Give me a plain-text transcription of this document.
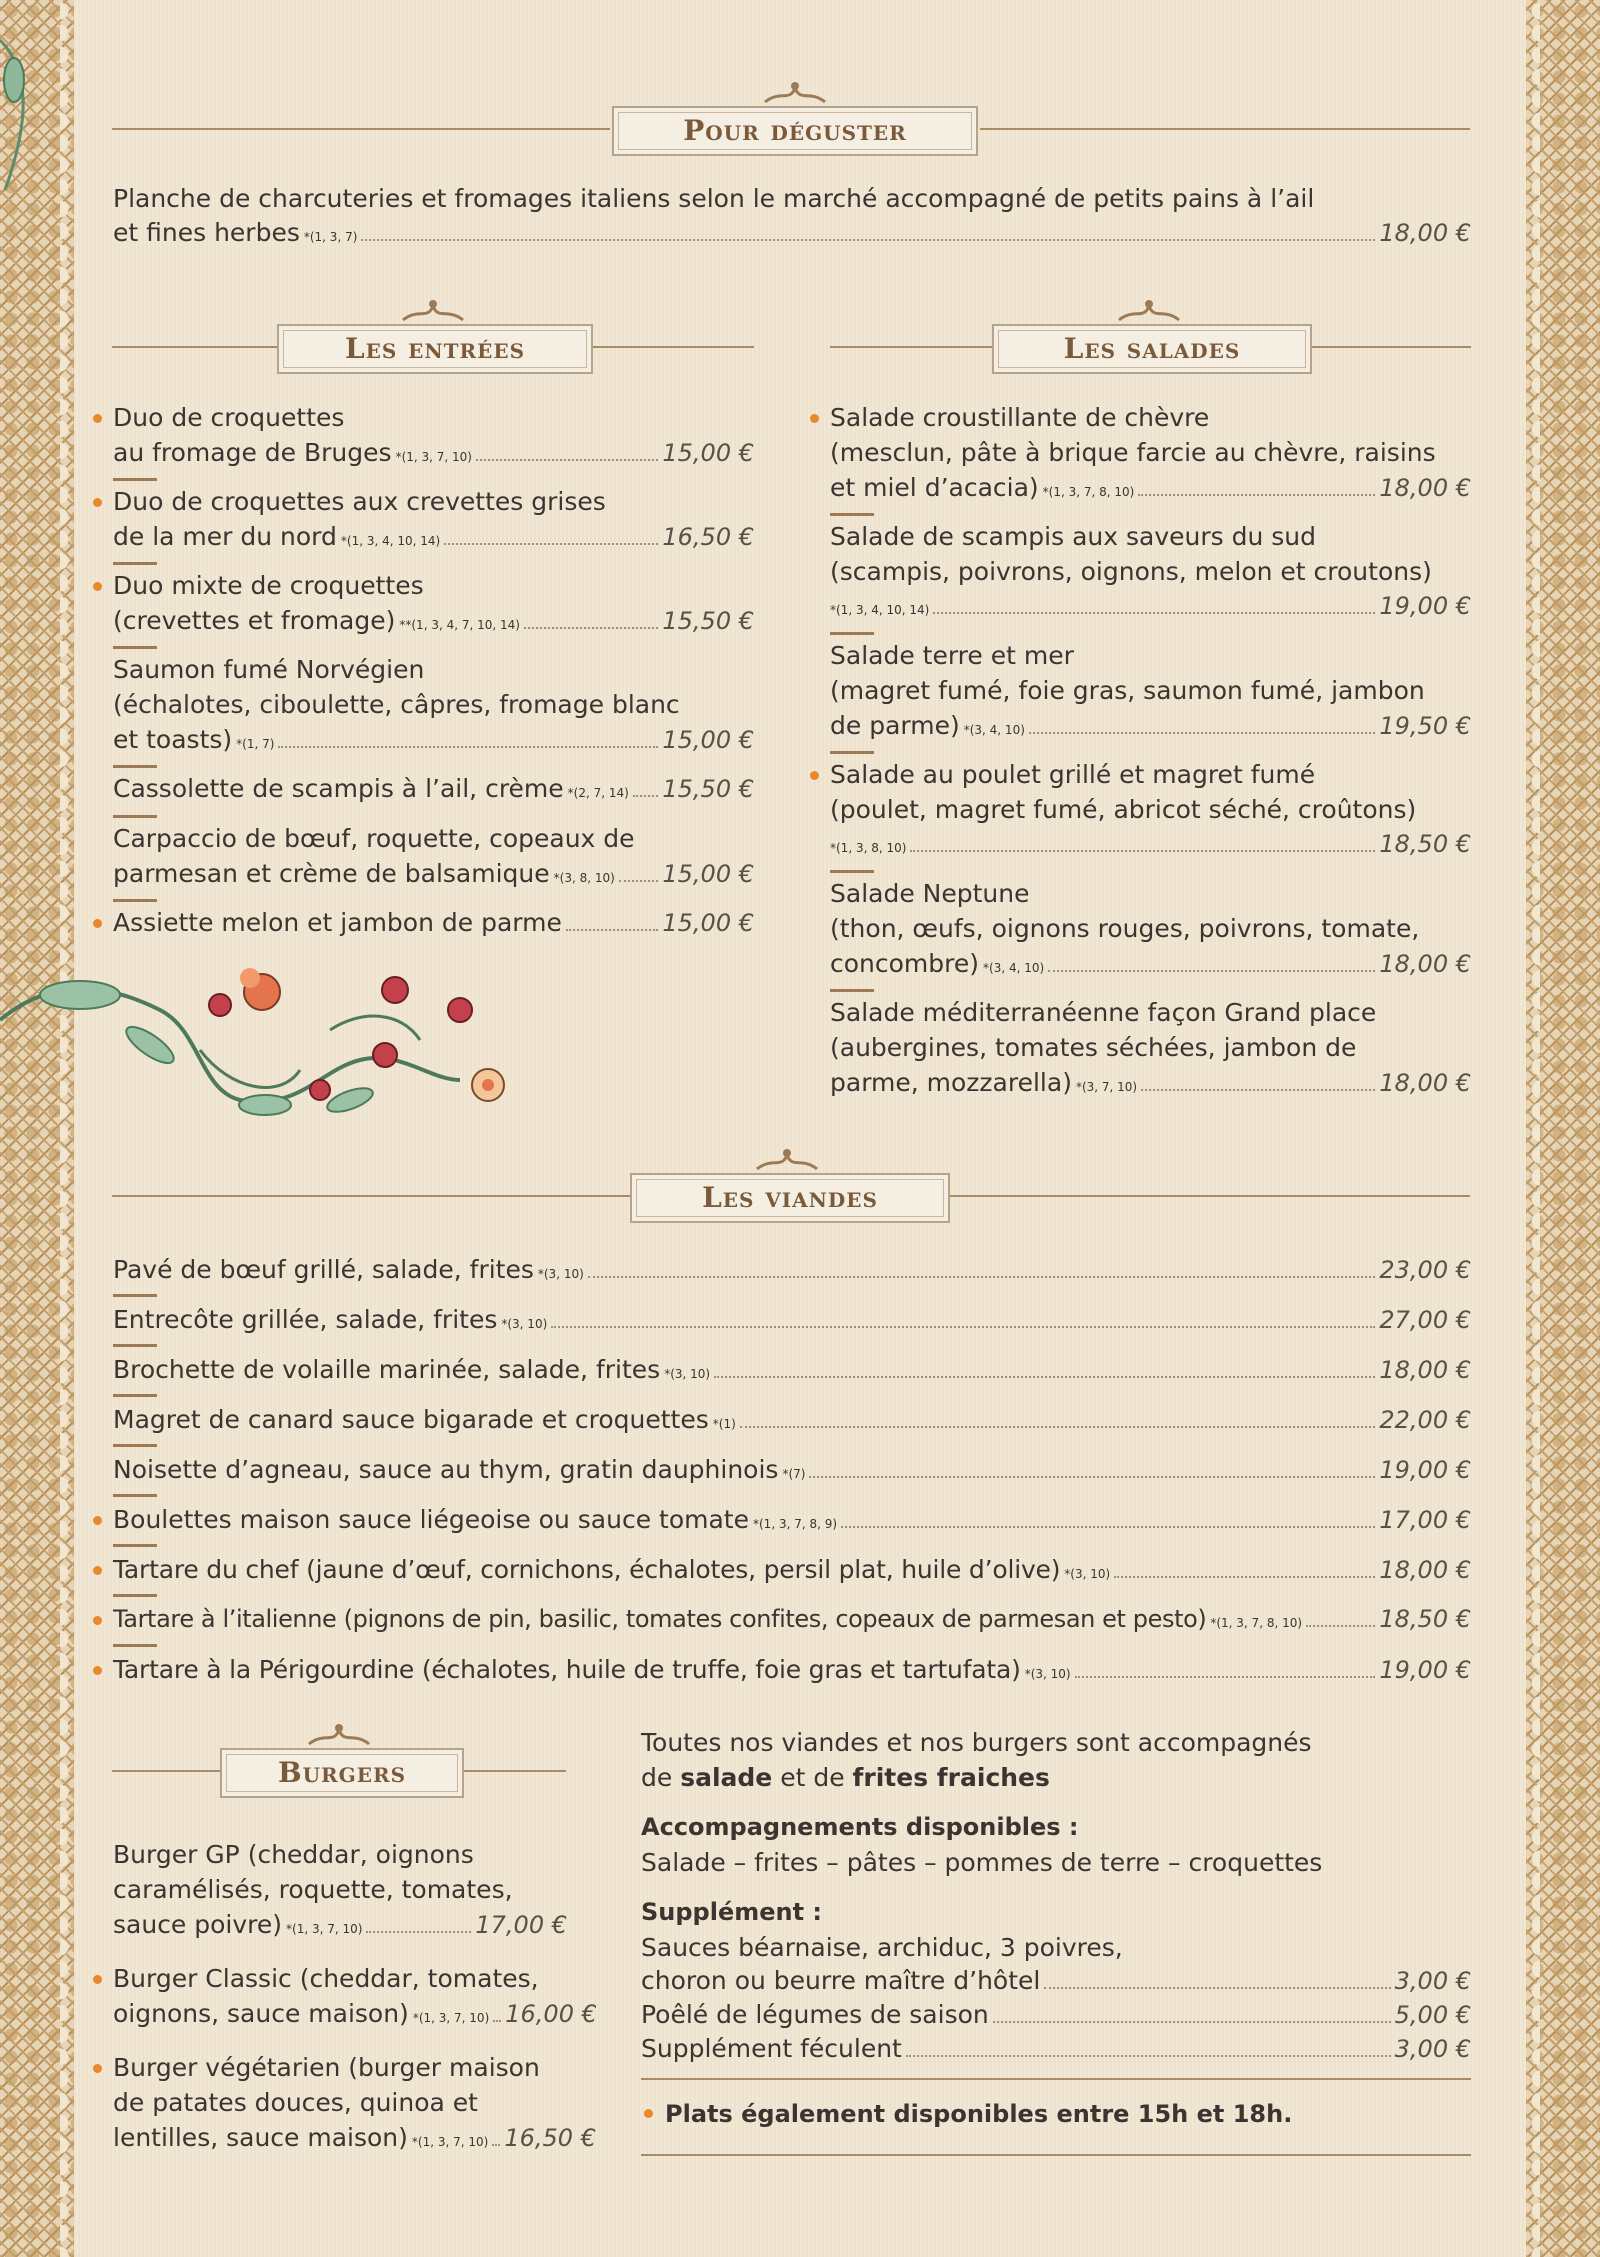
Pour déguster
Planche de charcuteries et fromages italiens selon le marché accompagné de petits pains à l’ail
et fines herbes *(1, 3, 7)	18,00 €
Les entrées	Les salades
Duo de croquettes
au fromage de Bruges *(1, 3, 7, 10)	15,00 €
Duo de croquettes aux crevettes grises
de la mer du nord *(1, 3, 4, 10, 14)	16,50 €
Duo mixte de croquettes
(crevettes et fromage) **(1, 3, 4, 7, 10, 14)	15,50 €
Saumon fumé Norvégien
(échalotes, ciboulette, câpres, fromage blanc
et toasts) *(1, 7)	15,00 €
Cassolette de scampis à l’ail, crème *(2, 7, 14) 15,50 €
Carpaccio de bœuf, roquette, copeaux de
parmesan et crème de balsamique *(3, 8, 10) 15,00 €
Assiette melon et jambon de parme	15,00 €
Salade croustillante de chèvre
(mesclun, pâte à brique farcie au chèvre, raisins
et miel d’acacia) *(1, 3, 7, 8, 10)	18,00 €
Salade de scampis aux saveurs du sud
(scampis, poivrons, oignons, melon et croutons)
*(1, 3, 4, 10, 14)	19,00 €
Salade terre et mer
(magret fumé, foie gras, saumon fumé, jambon
de parme) *(3, 4, 10)	19,50 €
Salade au poulet grillé et magret fumé
(poulet, magret fumé, abricot séché, croûtons)
*(1, 3, 8, 10)	18,50 €
Salade Neptune
(thon, œufs, oignons rouges, poivrons, tomate,
concombre) *(3, 4, 10)	18,00 €
Salade méditerranéenne façon Grand place
(aubergines, tomates séchées, jambon de
parme, mozzarella) *(3, 7, 10)	18,00 €
Les viandes
Pavé de bœuf grillé, salade, frites *(3, 10)	23,00 €
Entrecôte grillée, salade, frites *(3, 10)	27,00 €
Brochette de volaille marinée, salade, frites *(3, 10)	18,00 €
Magret de canard sauce bigarade et croquettes *(1)	22,00 €
Noisette d’agneau, sauce au thym, gratin dauphinois *(7)	19,00 €
Boulettes maison sauce liégeoise ou sauce tomate *(1, 3, 7, 8, 9)	17,00 €
Tartare du chef (jaune d’œuf, cornichons, échalotes, persil plat, huile d’olive) *(3, 10)	18,00 €
Tartare à l’italienne (pignons de pin, basilic, tomates confites, copeaux de parmesan et pesto) *(1, 3, 7, 8, 10)	18,50 €
Tartare à la Périgourdine (échalotes, huile de truffe, foie gras et tartufata) *(3, 10)	19,00 €
Burgers
Burger GP (cheddar, oignons
caramélisés, roquette, tomates,
sauce poivre) *(1, 3, 7, 10)	17,00 €
Burger Classic (cheddar, tomates,
oignons, sauce maison) *(1, 3, 7, 10) 16,00 €
Burger végétarien (burger maison
de patates douces, quinoa et
lentilles, sauce maison) *(1, 3, 7, 10) 16,50 €
Toutes nos viandes et nos burgers sont accompagnés
de salade et de frites fraiches
Accompagnements disponibles :
Salade – frites – pâtes – pommes de terre – croquettes
Supplément :
Sauces béarnaise, archiduc, 3 poivres,
choron ou beurre maître d’hôtel	3,00 €
Poêlé de légumes de saison	5,00 €
Supplément féculent	3,00 €
Plats également disponibles entre 15h et 18h.
